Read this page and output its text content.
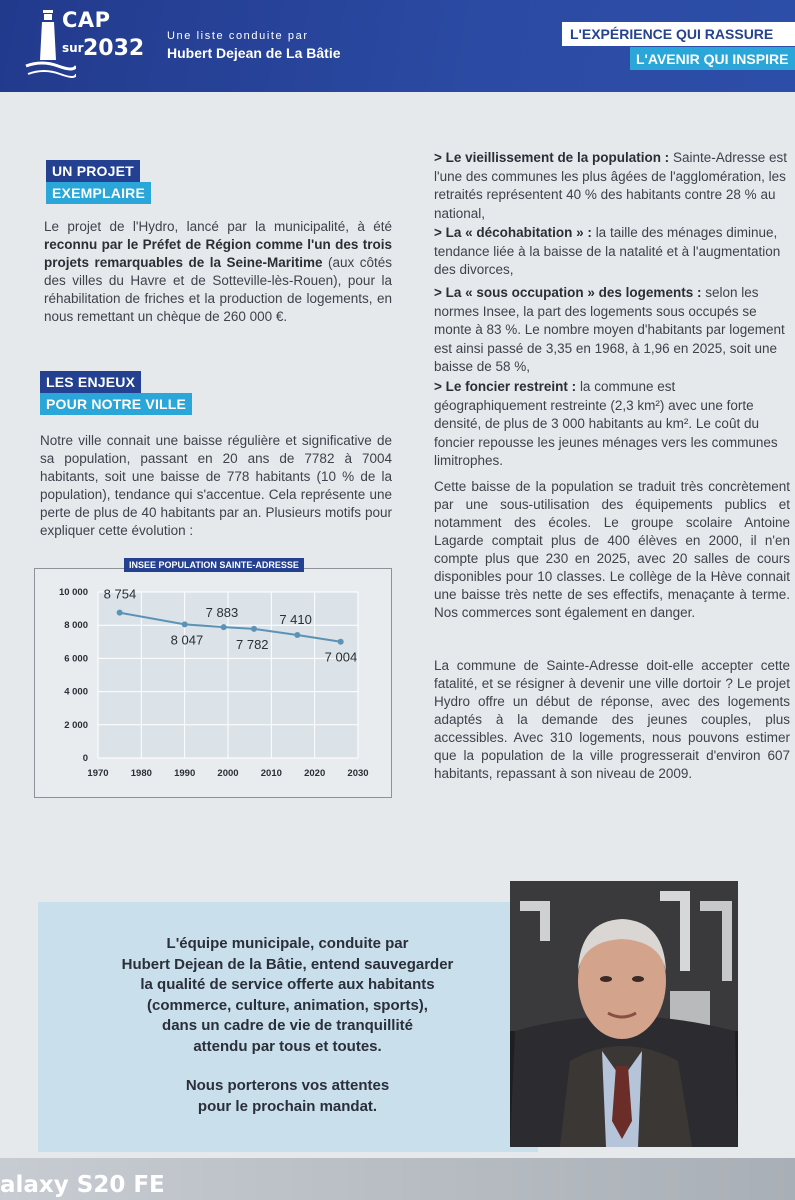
CAP
sur 2032 Une liste conduite par
Hubert Dejean de La Bâtie
L'EXPÉRIENCE QUI RASSURE
L'AVENIR QUI INSPIRE
UN PROJET
EXEMPLAIRE
Le projet de l'Hydro, lancé par la municipalité, à été reconnu par le Préfet de Région comme l'un des trois projets remarquables de la Seine-Maritime (aux côtés des villes du Havre et de Sotteville-lès-Rouen), pour la réhabilitation de friches et la production de logements, en nous remettant un chèque de 260 000 €.
LES ENJEUX
POUR NOTRE VILLE
Notre ville connait une baisse régulière et significative de sa population, passant en 20 ans de 7782 à 7004 habitants, soit une baisse de 778 habitants (10 % de la population), tendance qui s'accentue. Cela représente une perte de plus de 40 habitants par an. Plusieurs motifs pour expliquer cette évolution :
0
2 000
4 000
6 000
8 000
10 000
1970 1980 1990 2000 2010 2020 2030
8 754
8 047
7 883
7 782
7 410
7 004
INSEE POPULATION SAINTE-ADRESSE
> Le vieillissement de la population : Sainte-Adresse est l'une des communes les plus âgées de l'agglomération, les retraités représentent 40 % des habitants contre 28 % au national,
> La « décohabitation » : la taille des ménages diminue, tendance liée à la baisse de la natalité et à l'augmentation des divorces,
> La « sous occupation » des logements : selon les normes Insee, la part des logements sous occupés se monte à 83 %. Le nombre moyen d'habitants par logement est ainsi passé de 3,35 en 1968, à 1,96 en 2025, soit une baisse de 58 %,
> Le foncier restreint : la commune est géographiquement restreinte (2,3 km²) avec une forte densité, de plus de 3 000 habitants au km². Le coût du foncier repousse les jeunes ménages vers les communes limitrophes.
Cette baisse de la population se traduit très concrètement par une sous-utilisation des équipements publics et notamment des écoles. Le groupe scolaire Antoine Lagarde comptait plus de 400 élèves en 2000, il n'en compte plus que 230 en 2025, avec 20 salles de cours disponibles pour 10 classes. Le collège de la Hève connait une baisse très nette de ses effectifs, menaçante à terme. Nos commerces sont également en danger.
La commune de Sainte-Adresse doit-elle accepter cette fatalité, et se résigner à devenir une ville dortoir ? Le projet Hydro offre un début de réponse, avec des logements adaptés à la demande des jeunes couples, plus accessibles. Avec 310 logements, nous pouvons estimer que la population de la ville progresserait d'environ 607 habitants, repassant à son niveau de 2009.
L'équipe municipale, conduite par
Hubert Dejean de la Bâtie, entend sauvegarder
la qualité de service offerte aux habitants
(commerce, culture, animation, sports),
dans un cadre de vie de tranquillité
attendu par tous et toutes.
Nous porterons vos attentes
pour le prochain mandat.
alaxy S20 FE
